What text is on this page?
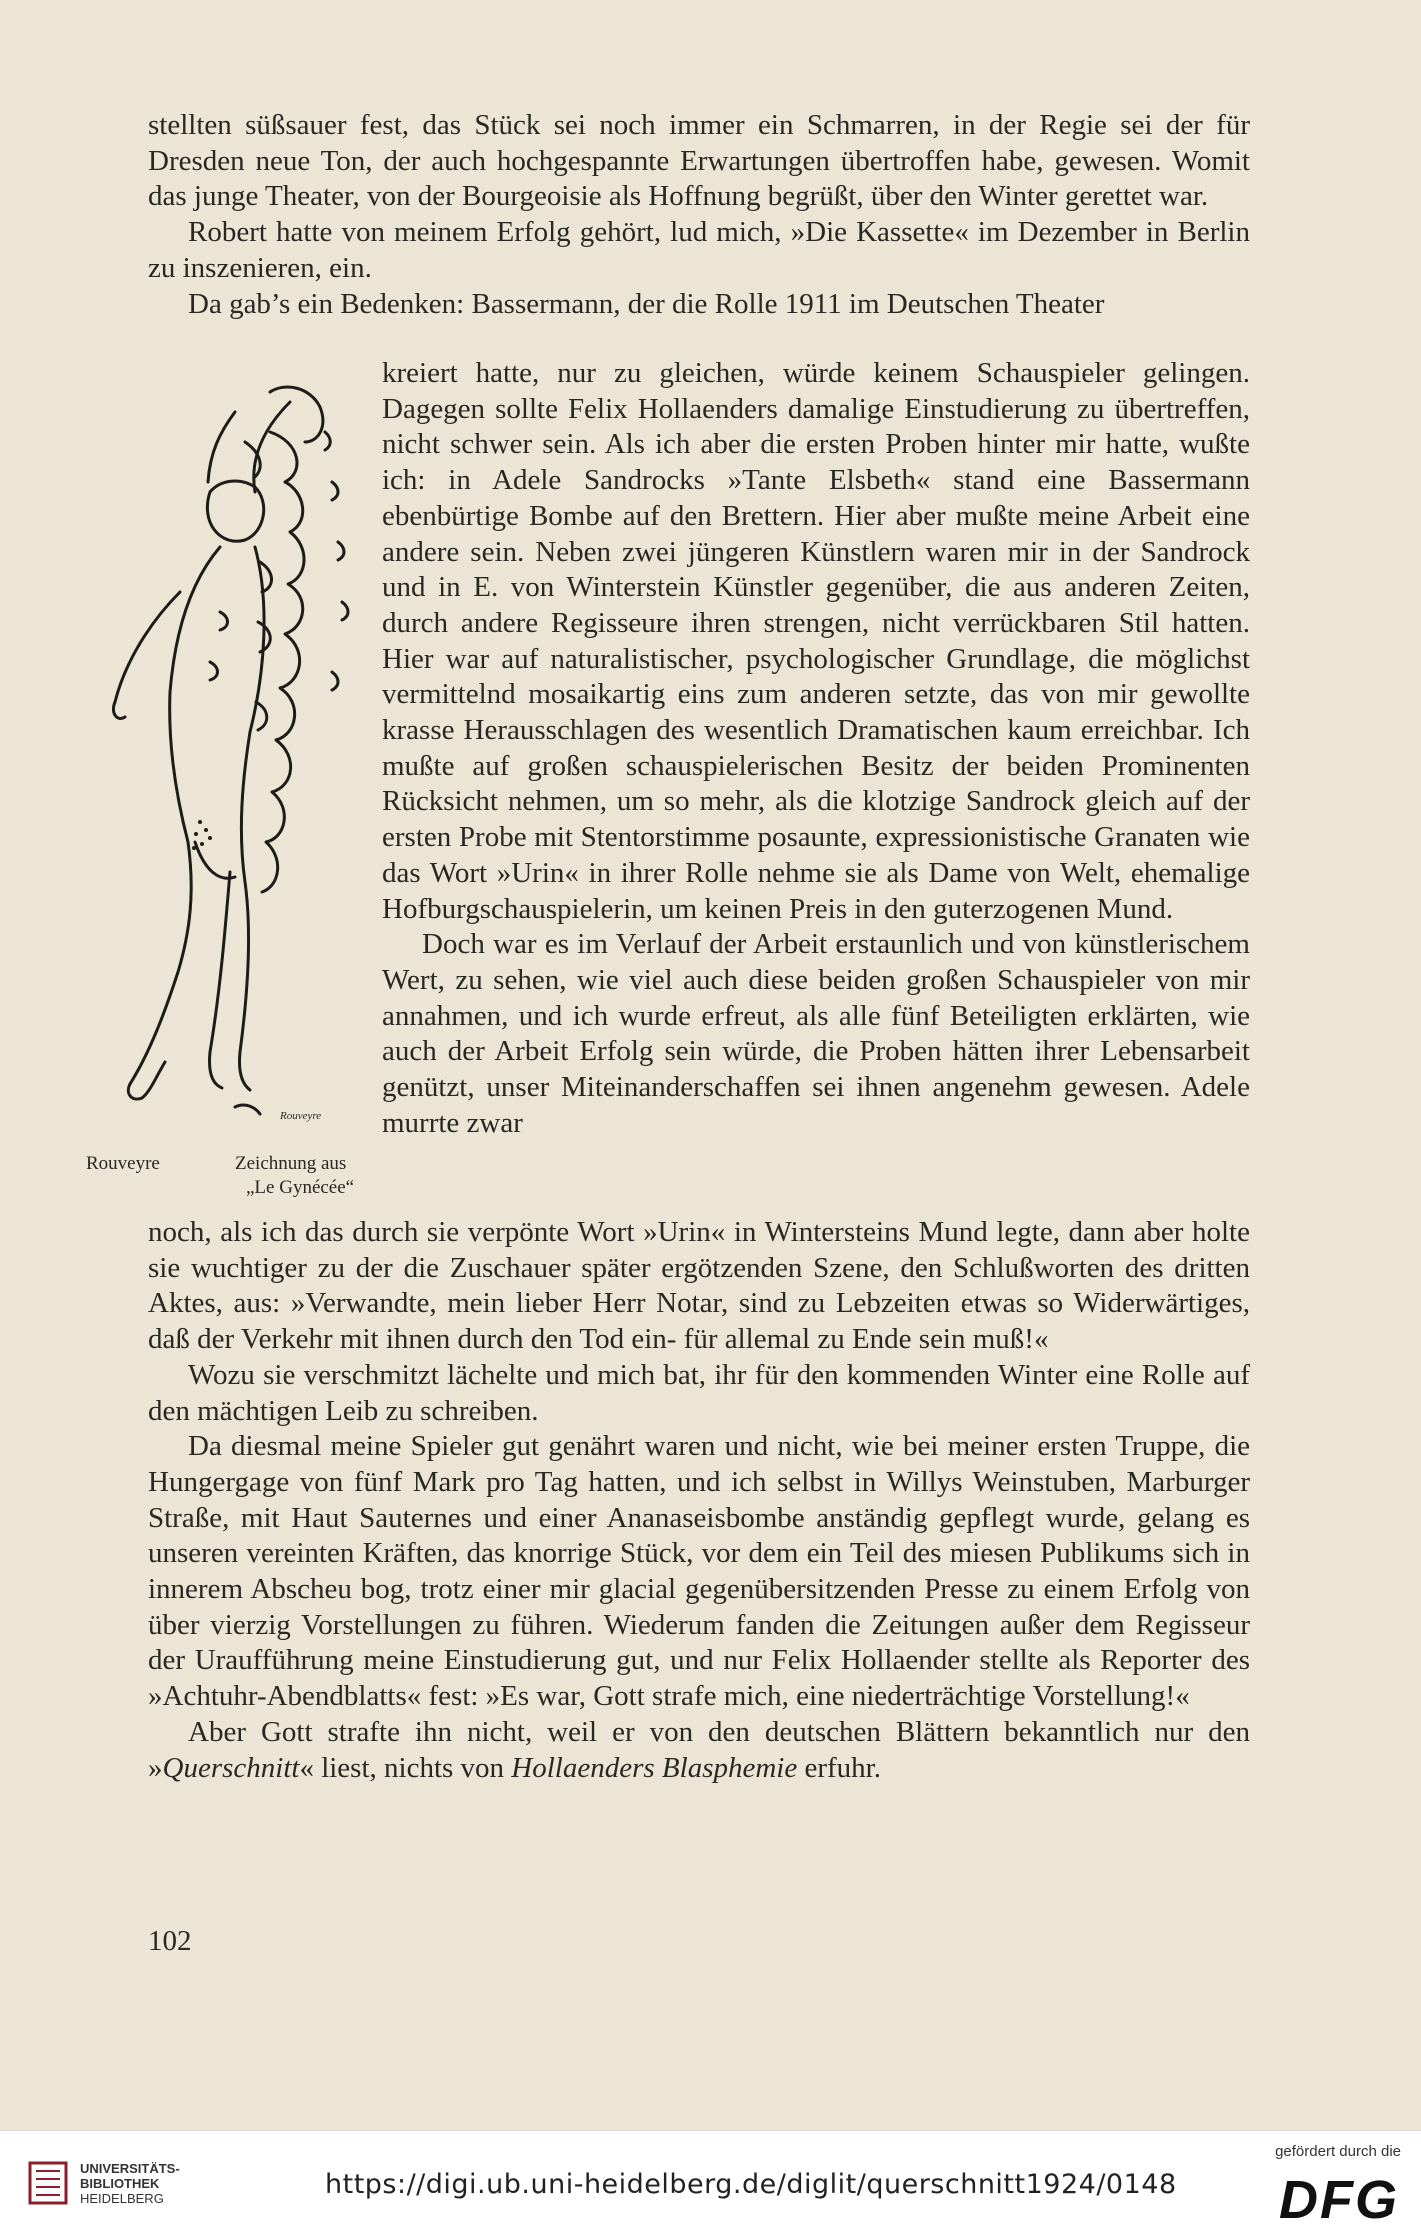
stellten süßsauer fest, das Stück sei noch immer ein Schmarren, in der Regie sei der für Dresden neue Ton, der auch hochgespannte Erwartungen übertroffen habe, gewesen. Womit das junge Theater, von der Bourgeoisie als Hoffnung begrüßt, über den Winter gerettet war.

Robert hatte von meinem Erfolg gehört, lud mich, »Die Kassette« im Dezember in Berlin zu inszenieren, ein.

Da gab’s ein Bedenken: Bassermann, der die Rolle 1911 im Deutschen Theater

Rouveyre

kreiert hatte, nur zu gleichen, würde keinem Schauspieler gelingen. Dagegen sollte Felix Hollaenders damalige Einstudierung zu übertreffen, nicht schwer sein. Als ich aber die ersten Proben hinter mir hatte, wußte ich: in Adele Sandrocks »Tante Elsbeth« stand eine Bassermann ebenbürtige Bombe auf den Brettern. Hier aber mußte meine Arbeit eine andere sein. Neben zwei jüngeren Künstlern waren mir in der Sandrock und in E. von Winterstein Künstler gegenüber, die aus anderen Zeiten, durch andere Regisseure ihren strengen, nicht verrückbaren Stil hatten. Hier war auf naturalistischer, psychologischer Grundlage, die möglichst vermittelnd mosaikartig eins zum anderen setzte, das von mir gewollte krasse Herausschlagen des wesentlich Dramatischen kaum erreichbar. Ich mußte auf großen schauspielerischen Besitz der beiden Prominenten Rücksicht nehmen, um so mehr, als die klotzige Sandrock gleich auf der ersten Probe mit Stentorstimme posaunte, expressionistische Granaten wie das Wort »Urin« in ihrer Rolle nehme sie als Dame von Welt, ehemalige Hofburgschauspielerin, um keinen Preis in den guterzogenen Mund.

Doch war es im Verlauf der Arbeit erstaunlich und von künstlerischem Wert, zu sehen, wie viel auch diese beiden großen Schauspieler von mir annahmen, und ich wurde erfreut, als alle fünf Beteiligten erklärten, wie auch der Arbeit Erfolg sein würde, die Proben hätten ihrer Lebensarbeit genützt, unser Miteinanderschaffen sei ihnen angenehm gewesen. Adele murrte zwar

Rouveyre	Zeichnung aus
„Le Gynécée“

noch, als ich das durch sie verpönte Wort »Urin« in Wintersteins Mund legte, dann aber holte sie wuchtiger zu der die Zuschauer später ergötzenden Szene, den Schlußworten des dritten Aktes, aus: »Verwandte, mein lieber Herr Notar, sind zu Lebzeiten etwas so Widerwärtiges, daß der Verkehr mit ihnen durch den Tod ein- für allemal zu Ende sein muß!«

Wozu sie verschmitzt lächelte und mich bat, ihr für den kommenden Winter eine Rolle auf den mächtigen Leib zu schreiben.

Da diesmal meine Spieler gut genährt waren und nicht, wie bei meiner ersten Truppe, die Hungergage von fünf Mark pro Tag hatten, und ich selbst in Willys Weinstuben, Marburger Straße, mit Haut Sauternes und einer Ananaseisbombe anständig gepflegt wurde, gelang es unseren vereinten Kräften, das knorrige Stück, vor dem ein Teil des miesen Publikums sich in innerem Abscheu bog, trotz einer mir glacial gegenübersitzenden Presse zu einem Erfolg von über vierzig Vorstellungen zu führen. Wiederum fanden die Zeitungen außer dem Regisseur der Uraufführung meine Einstudierung gut, und nur Felix Hollaender stellte als Reporter des »Achtuhr-Abendblatts« fest: »Es war, Gott strafe mich, eine niederträchtige Vorstellung!«

Aber Gott strafte ihn nicht, weil er von den deutschen Blättern bekanntlich nur den »Querschnitt« liest, nichts von Hollaenders Blasphemie erfuhr.

102
UNIVERSITÄTS-
BIBLIOTHEK
HEIDELBERG	https://digi.ub.uni-heidelberg.de/diglit/querschnitt1924/0148
gefördert durch die
DFG
